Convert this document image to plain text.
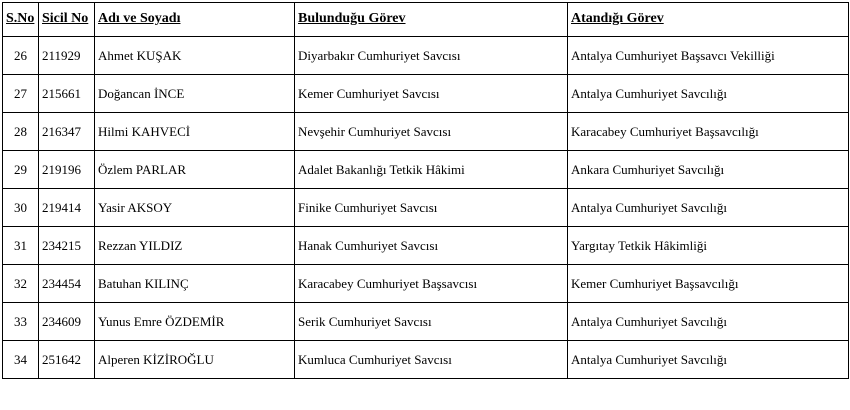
S.No	Sicil No	Adı ve Soyadı	Bulunduğu Görev	Atandığı Görev
26	211929	Ahmet KUŞAK	Diyarbakır Cumhuriyet Savcısı	Antalya Cumhuriyet Başsavcı Vekilliği
27	215661	Doğancan İNCE	Kemer Cumhuriyet Savcısı	Antalya Cumhuriyet Savcılığı
28	216347	Hilmi KAHVECİ	Nevşehir Cumhuriyet Savcısı	Karacabey Cumhuriyet Başsavcılığı
29	219196	Özlem PARLAR	Adalet Bakanlığı Tetkik Hâkimi	Ankara Cumhuriyet Savcılığı
30	219414	Yasir AKSOY	Finike Cumhuriyet Savcısı	Antalya Cumhuriyet Savcılığı
31	234215	Rezzan YILDIZ	Hanak Cumhuriyet Savcısı	Yargıtay Tetkik Hâkimliği
32	234454	Batuhan KILINÇ	Karacabey Cumhuriyet Başsavcısı	Kemer Cumhuriyet Başsavcılığı
33	234609	Yunus Emre ÖZDEMİR	Serik Cumhuriyet Savcısı	Antalya Cumhuriyet Savcılığı
34	251642	Alperen KİZİROĞLU	Kumluca Cumhuriyet Savcısı	Antalya Cumhuriyet Savcılığı
